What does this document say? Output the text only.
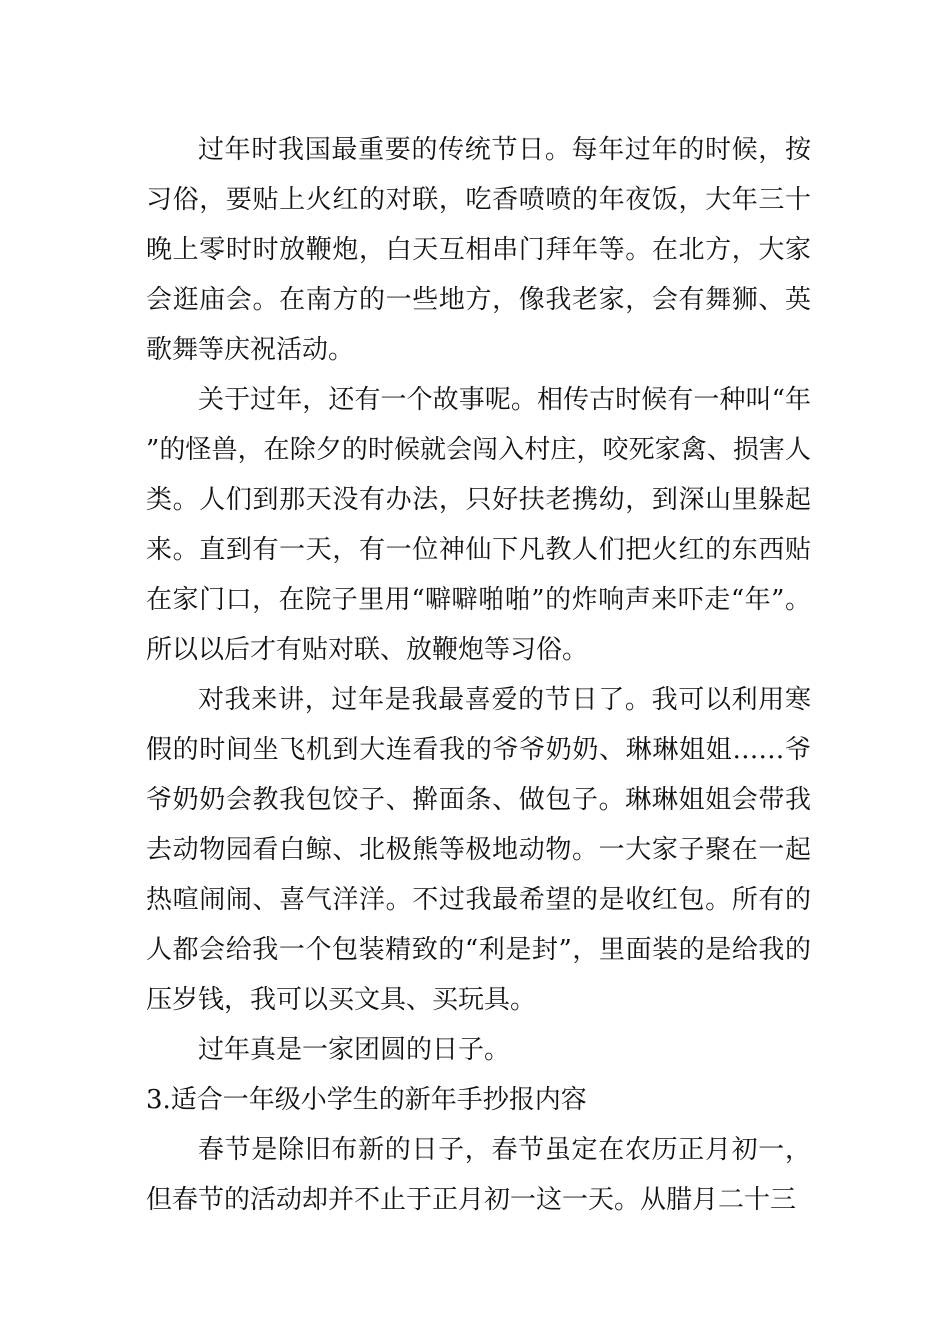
过年时我国最重要的传统节日。每年过年的时候，按习俗，要贴上火红的对联，吃香喷喷的年夜饭，大年三十晚上零时时放鞭炮，白天互相串门拜年等。在北方，大家会逛庙会。在南方的一些地方，像我老家，会有舞狮、英歌舞等庆祝活动。

关于过年，还有一个故事呢。相传古时候有一种叫“年”的怪兽，在除夕的时候就会闯入村庄，咬死家禽、损害人类。人们到那天没有办法，只好扶老携幼，到深山里躲起来。直到有一天，有一位神仙下凡教人们把火红的东西贴在家门口，在院子里用“噼噼啪啪”的炸响声来吓走“年”。所以以后才有贴对联、放鞭炮等习俗。

对我来讲，过年是我最喜爱的节日了。我可以利用寒假的时间坐飞机到大连看我的爷爷奶奶、琳琳姐姐……爷爷奶奶会教我包饺子、擀面条、做包子。琳琳姐姐会带我去动物园看白鲸、北极熊等极地动物。一大家子聚在一起热喧闹闹、喜气洋洋。不过我最希望的是收红包。所有的人都会给我一个包装精致的“利是封”，里面装的是给我的压岁钱，我可以买文具、买玩具。

过年真是一家团圆的日子。

3.适合一年级小学生的新年手抄报内容

春节是除旧布新的日子，春节虽定在农历正月初一，但春节的活动却并不止于正月初一这一天。从腊月二十三
